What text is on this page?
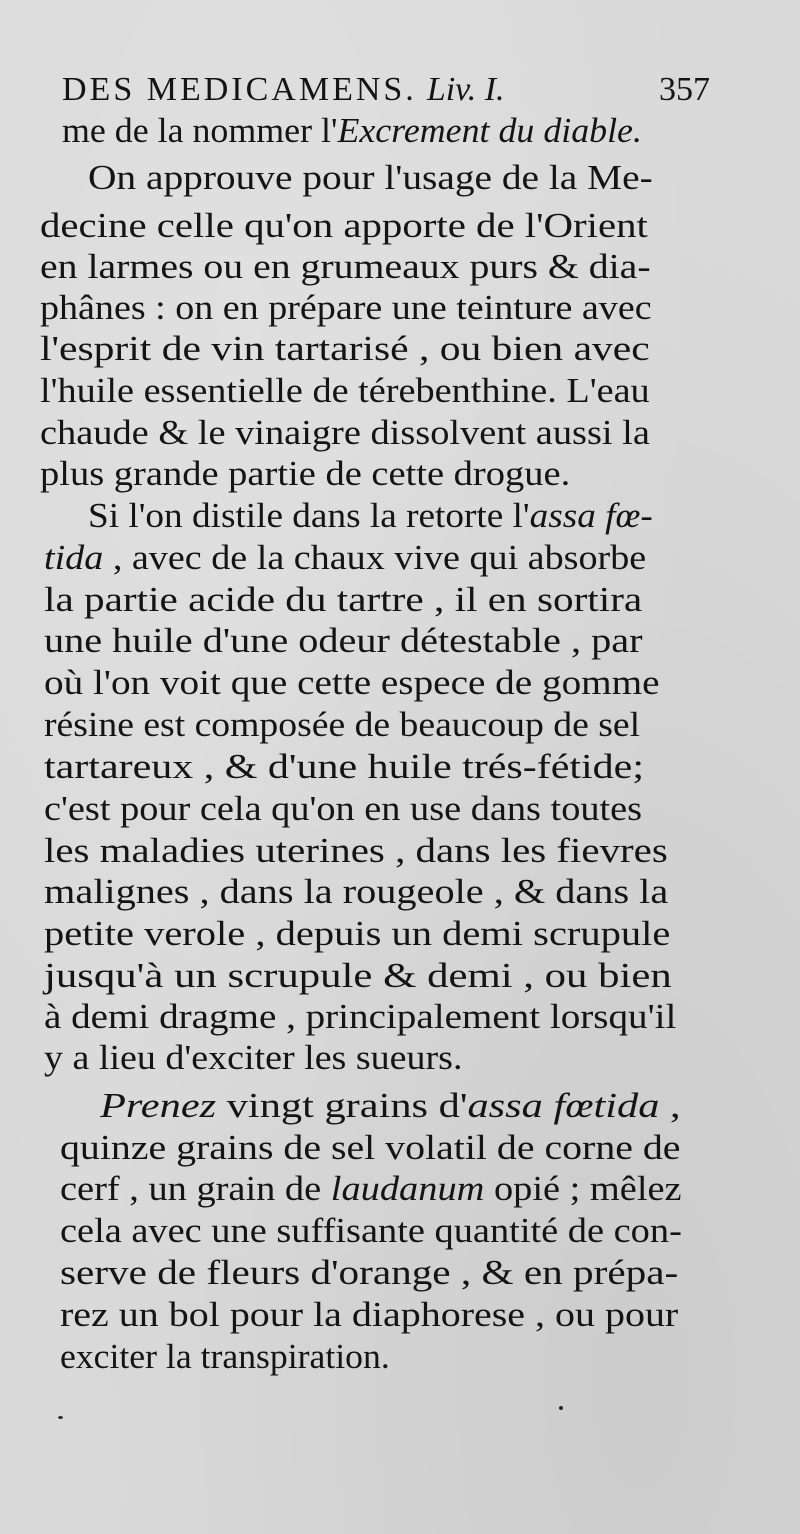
DES MEDICAMENS. Liv. I.	357
me de la nommer l'Excrement du diable.
On approuve pour l'usage de la Me-
decine celle qu'on apporte de l'Orient
en larmes ou en grumeaux purs & dia-
phânes : on en prépare une teinture avec
l'esprit de vin tartarisé , ou bien avec
l'huile essentielle de térebenthine. L'eau
chaude & le vinaigre dissolvent aussi la
plus grande partie de cette drogue.
Si l'on distile dans la retorte l'assa fœ-
tida , avec de la chaux vive qui absorbe
la partie acide du tartre , il en sortira
une huile d'une odeur détestable , par
où l'on voit que cette espece de gomme
résine est composée de beaucoup de sel
tartareux , & d'une huile trés-fétide;
c'est pour cela qu'on en use dans toutes
les maladies uterines , dans les fievres
malignes , dans la rougeole , & dans la
petite verole , depuis un demi scrupule
jusqu'à un scrupule & demi , ou bien
à demi dragme , principalement lorsqu'il
y a lieu d'exciter les sueurs.
Prenez vingt grains d'assa fœtida ,
quinze grains de sel volatil de corne de
cerf , un grain de laudanum opié ; mêlez
cela avec une suffisante quantité de con-
serve de fleurs d'orange , & en prépa-
rez un bol pour la diaphorese , ou pour
exciter la transpiration.
